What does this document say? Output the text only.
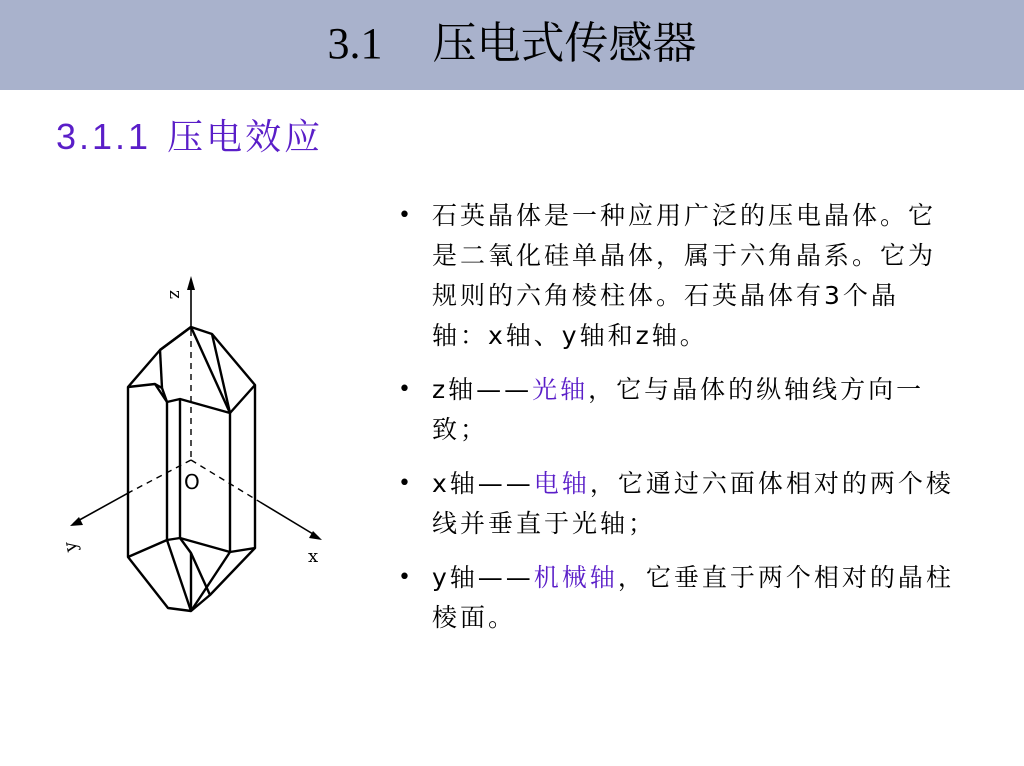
3.1 压电式传感器
3.1.1 压电效应
• 石英晶体是一种应用广泛的压电晶体。它是二氧化硅单晶体，属于六角晶系。它为规则的六角棱柱体。石英晶体有3个晶轴：x轴、y轴和z轴。
• z轴——光轴，它与晶体的纵轴线方向一致；
• x轴——电轴，它通过六面体相对的两个棱线并垂直于光轴；
• y轴——机械轴，它垂直于两个相对的晶柱棱面。
z
O
x
y
